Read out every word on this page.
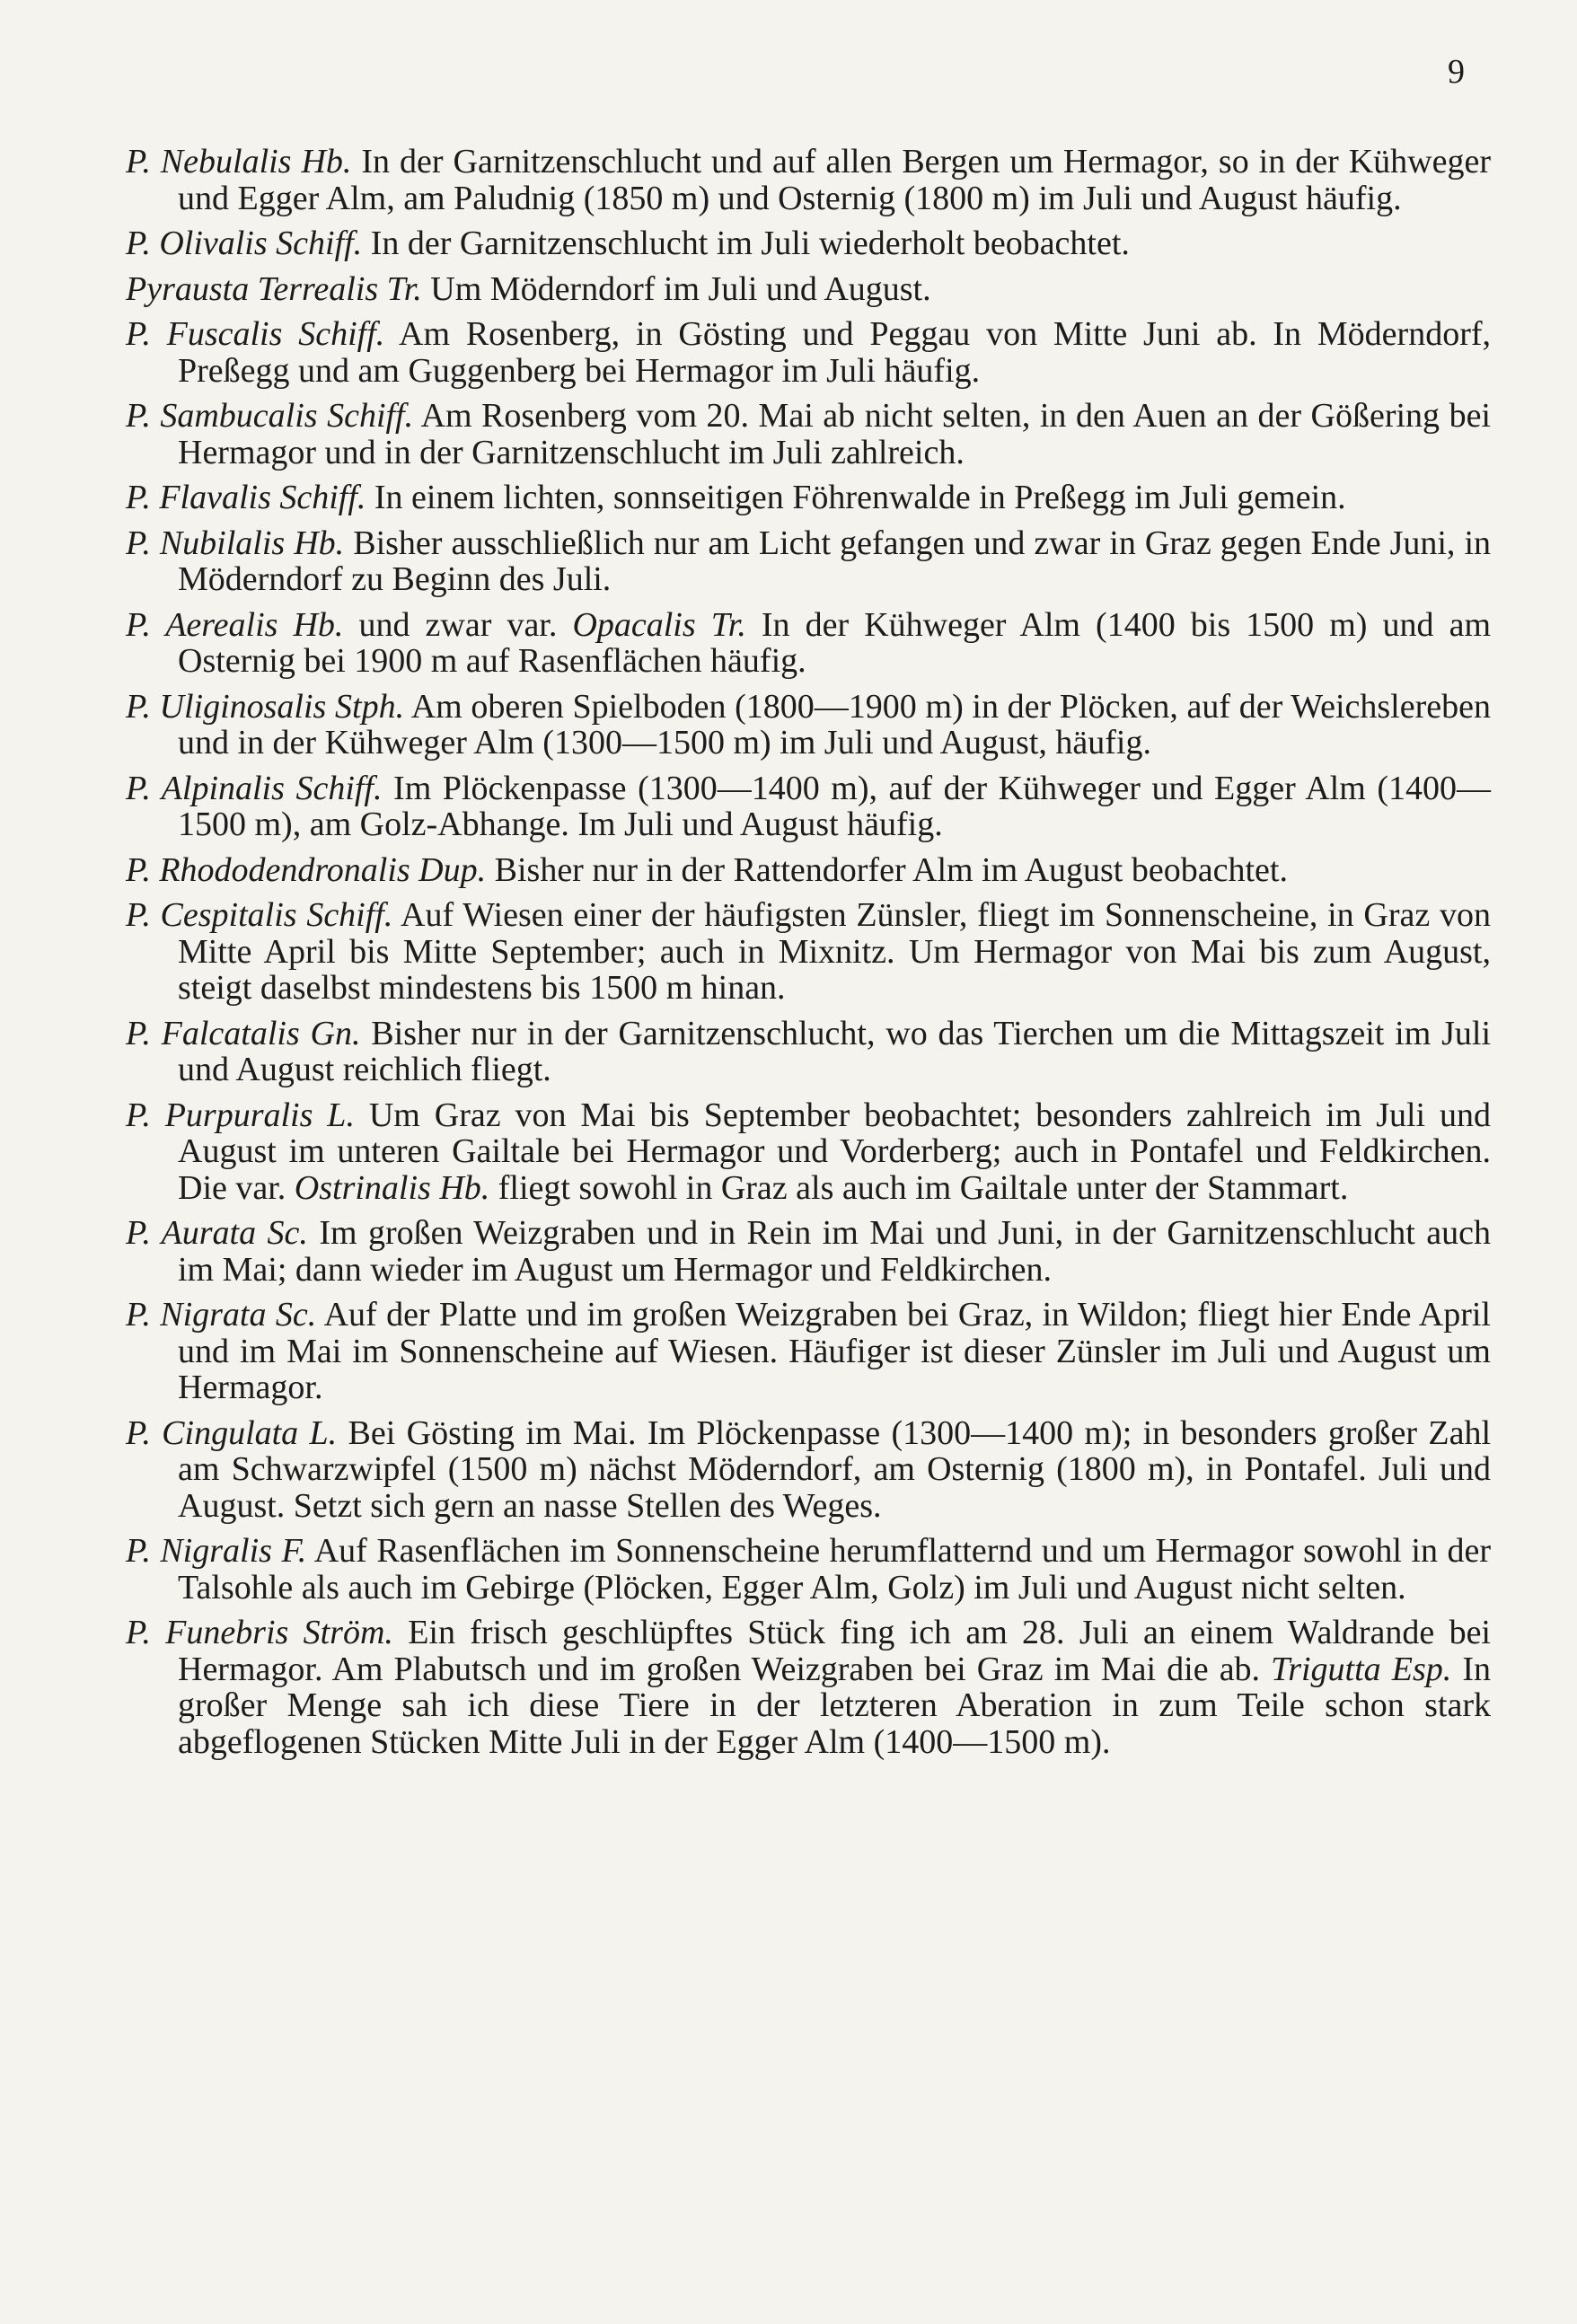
9

P. Nebulalis Hb. In der Garnitzenschlucht und auf allen Bergen um Hermagor, so in der Kühweger und Egger Alm, am Paludnig (1850 m) und Osternig (1800 m) im Juli und August häufig.

P. Olivalis Schiff. In der Garnitzenschlucht im Juli wiederholt beobachtet.

Pyrausta Terrealis Tr. Um Möderndorf im Juli und August.

P. Fuscalis Schiff. Am Rosenberg, in Gösting und Peggau von Mitte Juni ab. In Möderndorf, Preßegg und am Guggenberg bei Hermagor im Juli häufig.

P. Sambucalis Schiff. Am Rosenberg vom 20. Mai ab nicht selten, in den Auen an der Gößering bei Hermagor und in der Garnitzenschlucht im Juli zahlreich.

P. Flavalis Schiff. In einem lichten, sonnseitigen Föhrenwalde in Preßegg im Juli gemein.

P. Nubilalis Hb. Bisher ausschließlich nur am Licht gefangen und zwar in Graz gegen Ende Juni, in Möderndorf zu Beginn des Juli.

P. Aerealis Hb. und zwar var. Opacalis Tr. In der Kühweger Alm (1400 bis 1500 m) und am Osternig bei 1900 m auf Rasenflächen häufig.

P. Uliginosalis Stph. Am oberen Spielboden (1800—1900 m) in der Plöcken, auf der Weichslereben und in der Kühweger Alm (1300—1500 m) im Juli und August, häufig.

P. Alpinalis Schiff. Im Plöckenpasse (1300—1400 m), auf der Kühweger und Egger Alm (1400—1500 m), am Golz-Abhange. Im Juli und August häufig.

P. Rhododendronalis Dup. Bisher nur in der Rattendorfer Alm im August beobachtet.

P. Cespitalis Schiff. Auf Wiesen einer der häufigsten Zünsler, fliegt im Sonnenscheine, in Graz von Mitte April bis Mitte September; auch in Mixnitz. Um Hermagor von Mai bis zum August, steigt daselbst mindestens bis 1500 m hinan.

P. Falcatalis Gn. Bisher nur in der Garnitzenschlucht, wo das Tierchen um die Mittagszeit im Juli und August reichlich fliegt.

P. Purpuralis L. Um Graz von Mai bis September beobachtet; besonders zahlreich im Juli und August im unteren Gailtale bei Hermagor und Vorderberg; auch in Pontafel und Feldkirchen. Die var. Ostrinalis Hb. fliegt sowohl in Graz als auch im Gailtale unter der Stammart.

P. Aurata Sc. Im großen Weizgraben und in Rein im Mai und Juni, in der Garnitzenschlucht auch im Mai; dann wieder im August um Hermagor und Feldkirchen.

P. Nigrata Sc. Auf der Platte und im großen Weizgraben bei Graz, in Wildon; fliegt hier Ende April und im Mai im Sonnenscheine auf Wiesen. Häufiger ist dieser Zünsler im Juli und August um Hermagor.

P. Cingulata L. Bei Gösting im Mai. Im Plöckenpasse (1300—1400 m); in besonders großer Zahl am Schwarzwipfel (1500 m) nächst Möderndorf, am Osternig (1800 m), in Pontafel. Juli und August. Setzt sich gern an nasse Stellen des Weges.

P. Nigralis F. Auf Rasenflächen im Sonnenscheine herumflatternd und um Hermagor sowohl in der Talsohle als auch im Gebirge (Plöcken, Egger Alm, Golz) im Juli und August nicht selten.

P. Funebris Ström. Ein frisch geschlüpftes Stück fing ich am 28. Juli an einem Waldrande bei Hermagor. Am Plabutsch und im großen Weizgraben bei Graz im Mai die ab. Trigutta Esp. In großer Menge sah ich diese Tiere in der letzteren Aberation in zum Teile schon stark abgeflogenen Stücken Mitte Juli in der Egger Alm (1400—1500 m).
